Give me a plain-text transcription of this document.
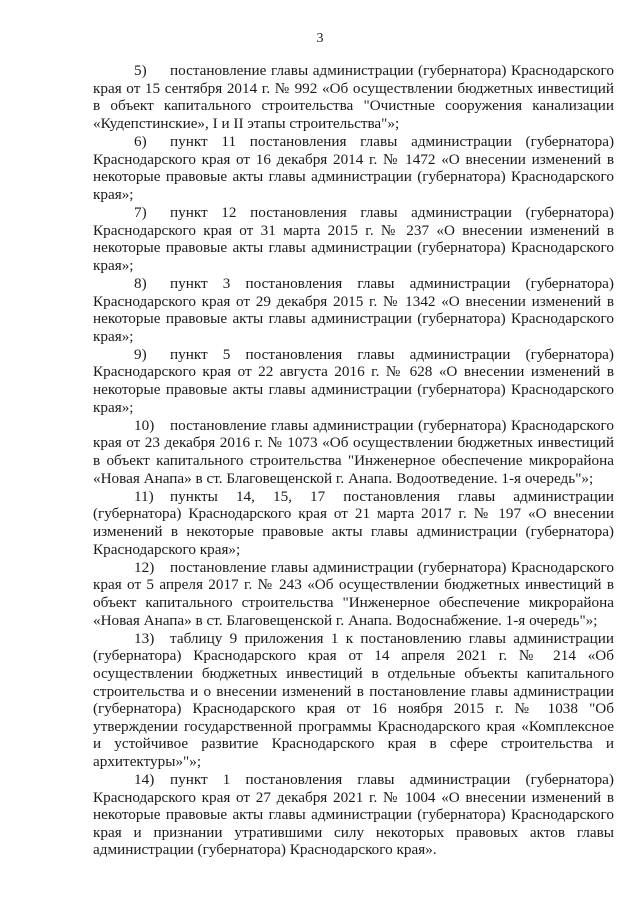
3

5) постановление главы администрации (губернатора) Краснодарского края от 15 сентября 2014 г. № 992 «Об осуществлении бюджетных инвестиций в объект капитального строительства "Очистные сооружения канализации «Кудепстинские», I и II этапы строительства"»;

6) пункт 11 постановления главы администрации (губернатора) Краснодарского края от 16 декабря 2014 г. № 1472 «О внесении изменений в некоторые правовые акты главы администрации (губернатора) Краснодарского края»;

7) пункт 12 постановления главы администрации (губернатора) Краснодарского края от 31 марта 2015 г. № 237 «О внесении изменений в некоторые правовые акты главы администрации (губернатора) Краснодарского края»;

8) пункт 3 постановления главы администрации (губернатора) Краснодарского края от 29 декабря 2015 г. № 1342 «О внесении изменений в некоторые правовые акты главы администрации (губернатора) Краснодарского края»;

9) пункт 5 постановления главы администрации (губернатора) Краснодарского края от 22 августа 2016 г. № 628 «О внесении изменений в некоторые правовые акты главы администрации (губернатора) Краснодарского края»;

10) постановление главы администрации (губернатора) Краснодарского края от 23 декабря 2016 г. № 1073 «Об осуществлении бюджетных инвестиций в объект капитального строительства "Инженерное обеспечение микрорайона «Новая Анапа» в ст. Благовещенской г. Анапа. Водоотведение. 1-я очередь"»;

11) пункты 14, 15, 17 постановления главы администрации (губернатора) Краснодарского края от 21 марта 2017 г. № 197 «О внесении изменений в некоторые правовые акты главы администрации (губернатора) Краснодарского края»;

12) постановление главы администрации (губернатора) Краснодарского края от 5 апреля 2017 г. № 243 «Об осуществлении бюджетных инвестиций в объект капитального строительства "Инженерное обеспечение микрорайона «Новая Анапа» в ст. Благовещенской г. Анапа. Водоснабжение. 1-я очередь"»;

13) таблицу 9 приложения 1 к постановлению главы администрации (губернатора) Краснодарского края от 14 апреля 2021 г. № 214 «Об осуществлении бюджетных инвестиций в отдельные объекты капитального строительства и о внесении изменений в постановление главы администрации (губернатора) Краснодарского края от 16 ноября 2015 г. № 1038 "Об утверждении государственной программы Краснодарского края «Комплексное и устойчивое развитие Краснодарского края в сфере строительства и архитектуры»"»;

14) пункт 1 постановления главы администрации (губернатора) Краснодарского края от 27 декабря 2021 г. № 1004 «О внесении изменений в некоторые правовые акты главы администрации (губернатора) Краснодарского края и признании утратившими силу некоторых правовых актов главы администрации (губернатора) Краснодарского края».
